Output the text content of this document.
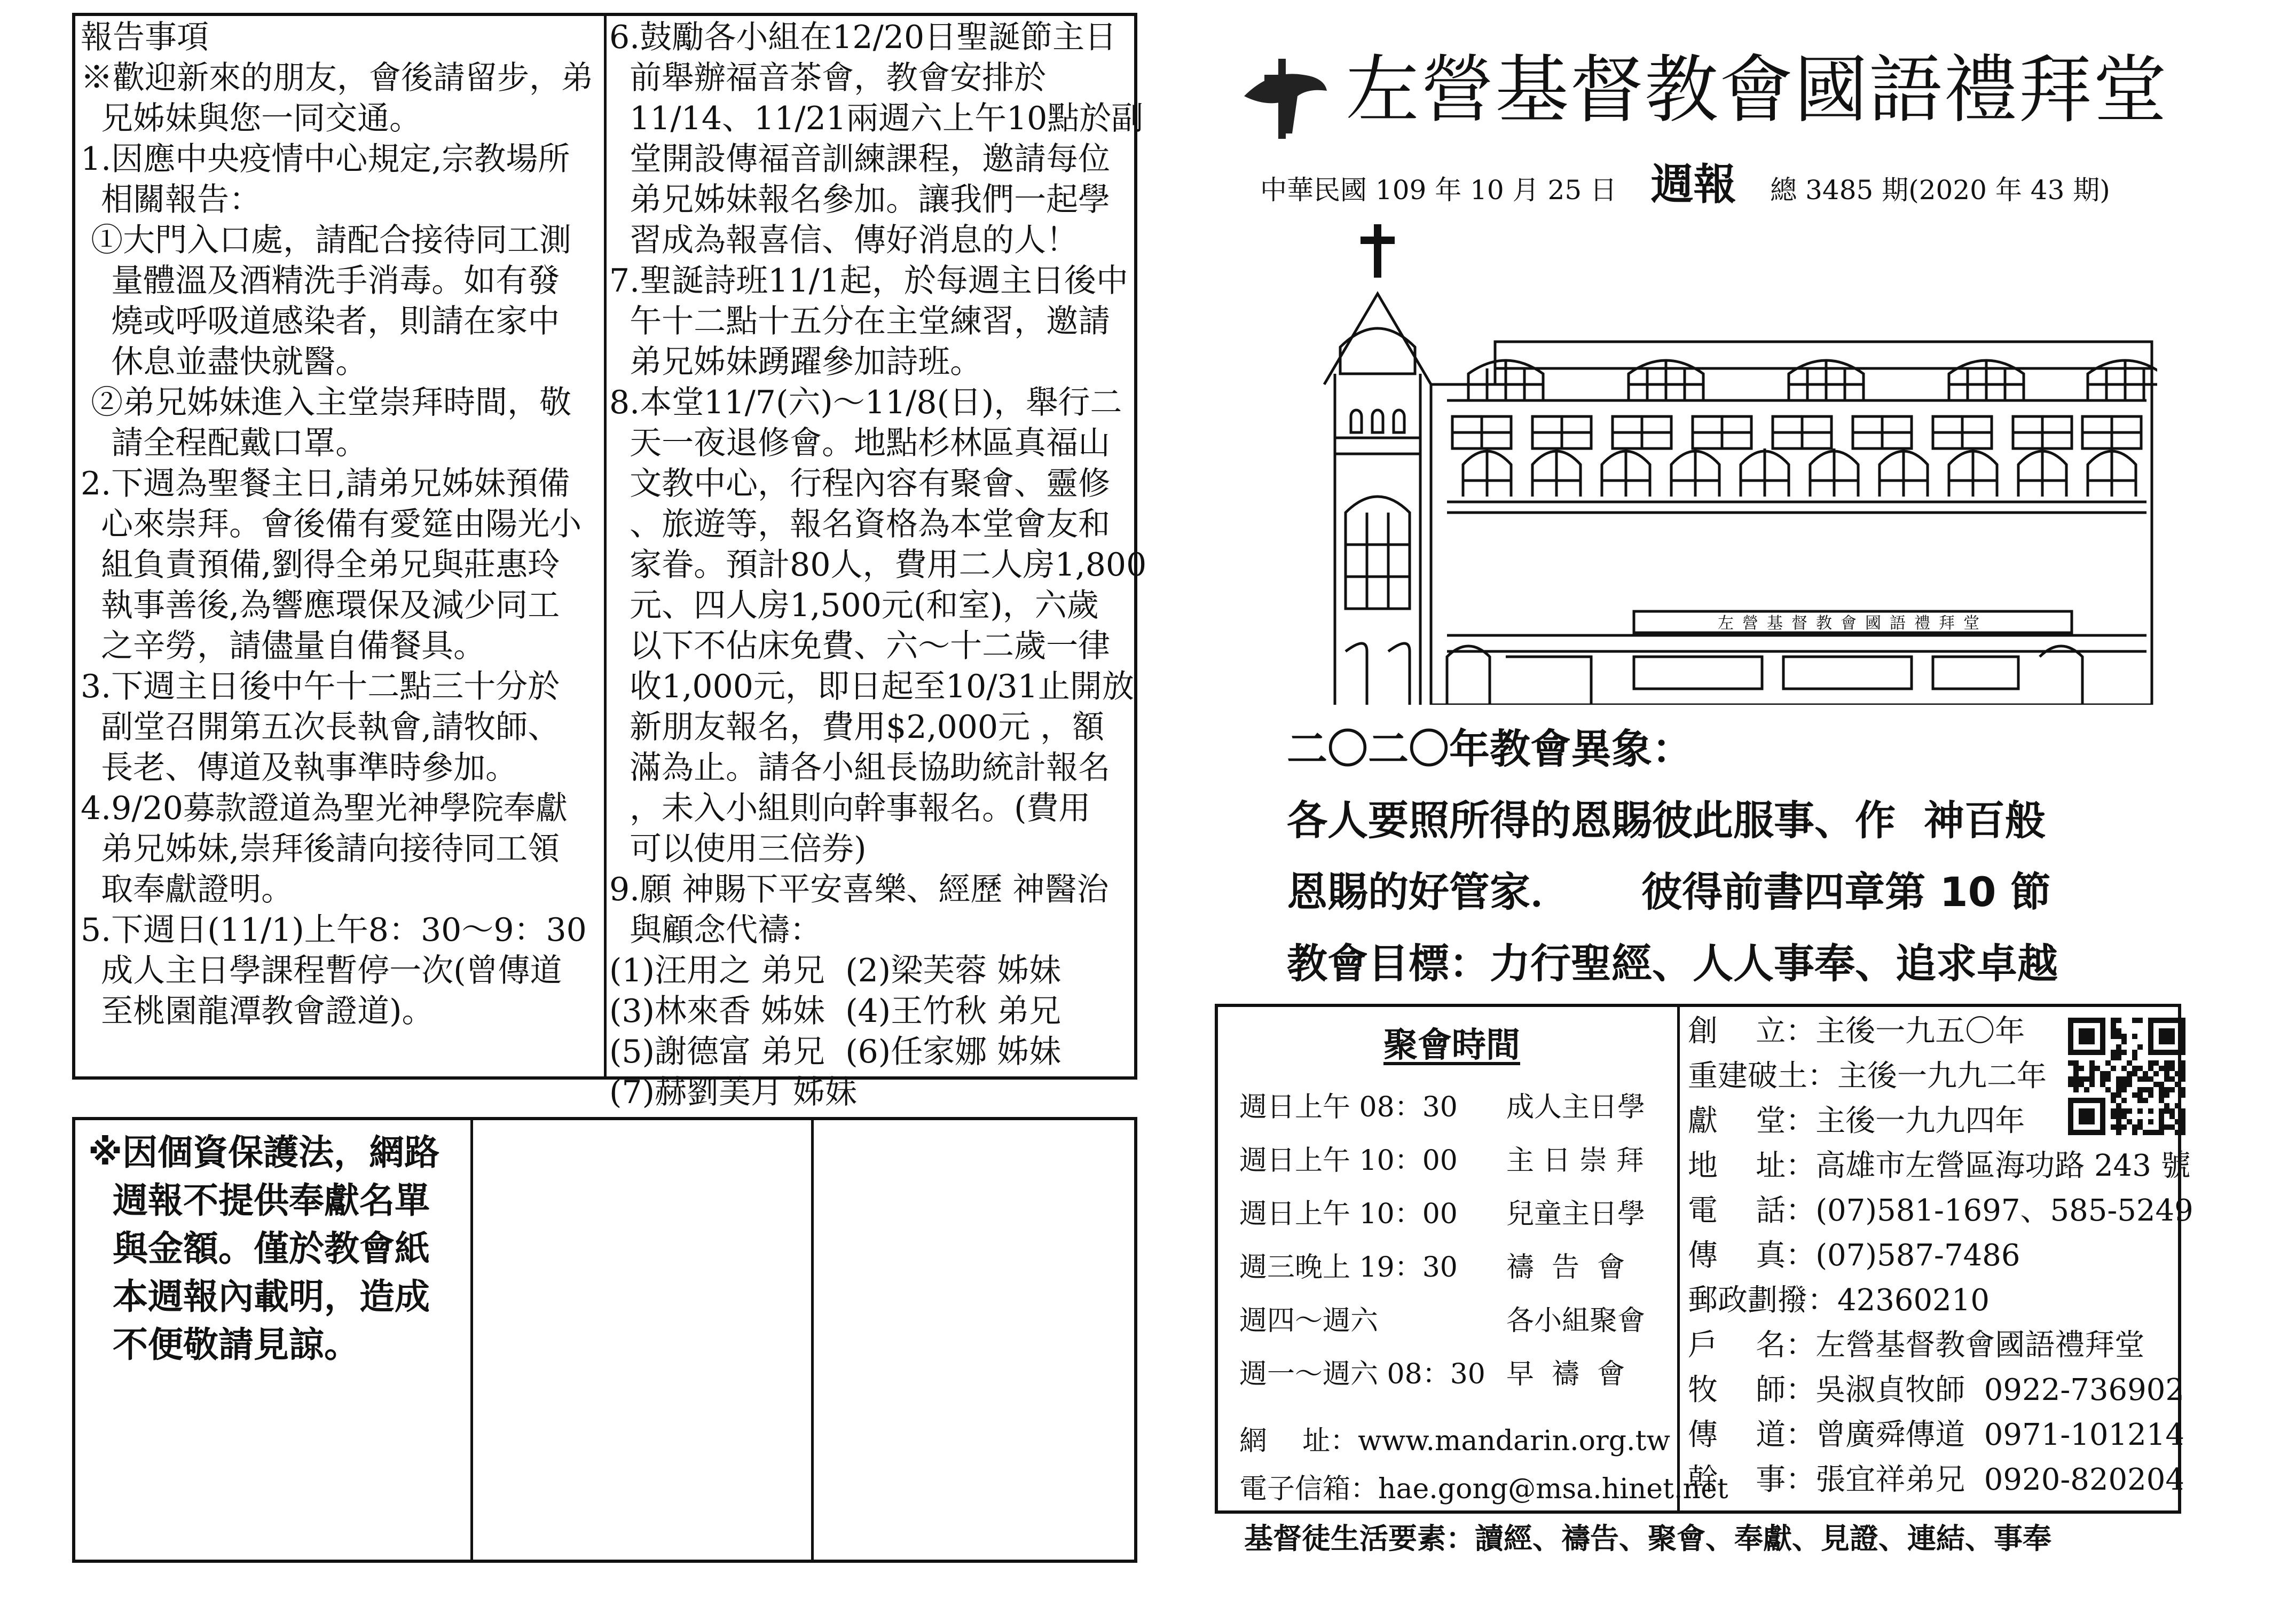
報告事項
※歡迎新來的朋友，會後請留步，弟
兄姊妹與您一同交通。
1.因應中央疫情中心規定,宗教場所
相關報告：
①大門入口處，請配合接待同工測
量體溫及酒精洗手消毒。如有發
燒或呼吸道感染者，則請在家中
休息並盡快就醫。
②弟兄姊妹進入主堂崇拜時間，敬
請全程配戴口罩。
2.下週為聖餐主日,請弟兄姊妹預備
心來崇拜。會後備有愛筵由陽光小
組負責預備,劉得全弟兄與莊惠玲
執事善後,為響應環保及減少同工
之辛勞，請儘量自備餐具。
3.下週主日後中午十二點三十分於
副堂召開第五次長執會,請牧師、
長老、傳道及執事準時參加。
4.9/20募款證道為聖光神學院奉獻
弟兄姊妹,崇拜後請向接待同工領
取奉獻證明。
5.下週日(11/1)上午8：30～9：30
成人主日學課程暫停一次(曾傳道
至桃園龍潭教會證道)。
6.鼓勵各小組在12/20日聖誕節主日
前舉辦福音茶會，教會安排於
11/14、11/21兩週六上午10點於副
堂開設傳福音訓練課程，邀請每位
弟兄姊妹報名參加。讓我們一起學
習成為報喜信、傳好消息的人！
7.聖誕詩班11/1起，於每週主日後中
午十二點十五分在主堂練習，邀請
弟兄姊妹踴躍參加詩班。
8.本堂11/7(六)～11/8(日)，舉行二
天一夜退修會。地點杉林區真福山
文教中心，行程內容有聚會、靈修
、旅遊等，報名資格為本堂會友和
家眷。預計80人，費用二人房1,800
元、四人房1,500元(和室)，六歲
以下不佔床免費、六～十二歲一律
收1,000元，即日起至10/31止開放
新朋友報名，費用$2,000元 ，額
滿為止。請各小組長協助統計報名
，未入小組則向幹事報名。(費用
可以使用三倍券)
9.願 神賜下平安喜樂、經歷 神醫治
與顧念代禱：
(1)汪用之 弟兄  (2)梁芙蓉 姊妹
(3)林來香 姊妹  (4)王竹秋 弟兄
(5)謝德富 弟兄  (6)任家娜 姊妹
(7)赫劉美月 姊妹
※因個資保護法，網路
週報不提供奉獻名單
與金額。僅於教會紙
本週報內載明，造成
不便敬請見諒。
左營基督教會國語禮拜堂
中華民國 109 年 10 月 25 日 週報 總 3485 期(2020 年 43 期)
左營基督教會國語禮拜堂
二〇二〇年教會異象：
各人要照所得的恩賜彼此服事、作  神百般
恩賜的好管家．     彼得前書四章第 10 節
教會目標：力行聖經、人人事奉、追求卓越
聚會時間
週日上午 08：30 成人主日學
週日上午 10：00 主 日 崇 拜
週日上午 10：00 兒童主日學
週三晚上 19：30 禱  告  會
週四～週六	各小組聚會
週一～週六 08：30 早  禱  會
網    址：www.mandarin.org.tw
電子信箱：hae.gong@msa.hinet.net
創    立：主後一九五〇年
重建破土：主後一九九二年
獻    堂：主後一九九四年
地    址：高雄市左營區海功路 243 號
電    話：(07)581-1697、585-5249
傳    真：(07)587-7486
郵政劃撥：42360210
戶    名：左營基督教會國語禮拜堂
牧    師：吳淑貞牧師  0922-736902
傳    道：曾廣舜傳道  0971-101214
幹    事：張宜祥弟兄  0920-820204
基督徒生活要素：讀經、禱告、聚會、奉獻、見證、連結、事奉
